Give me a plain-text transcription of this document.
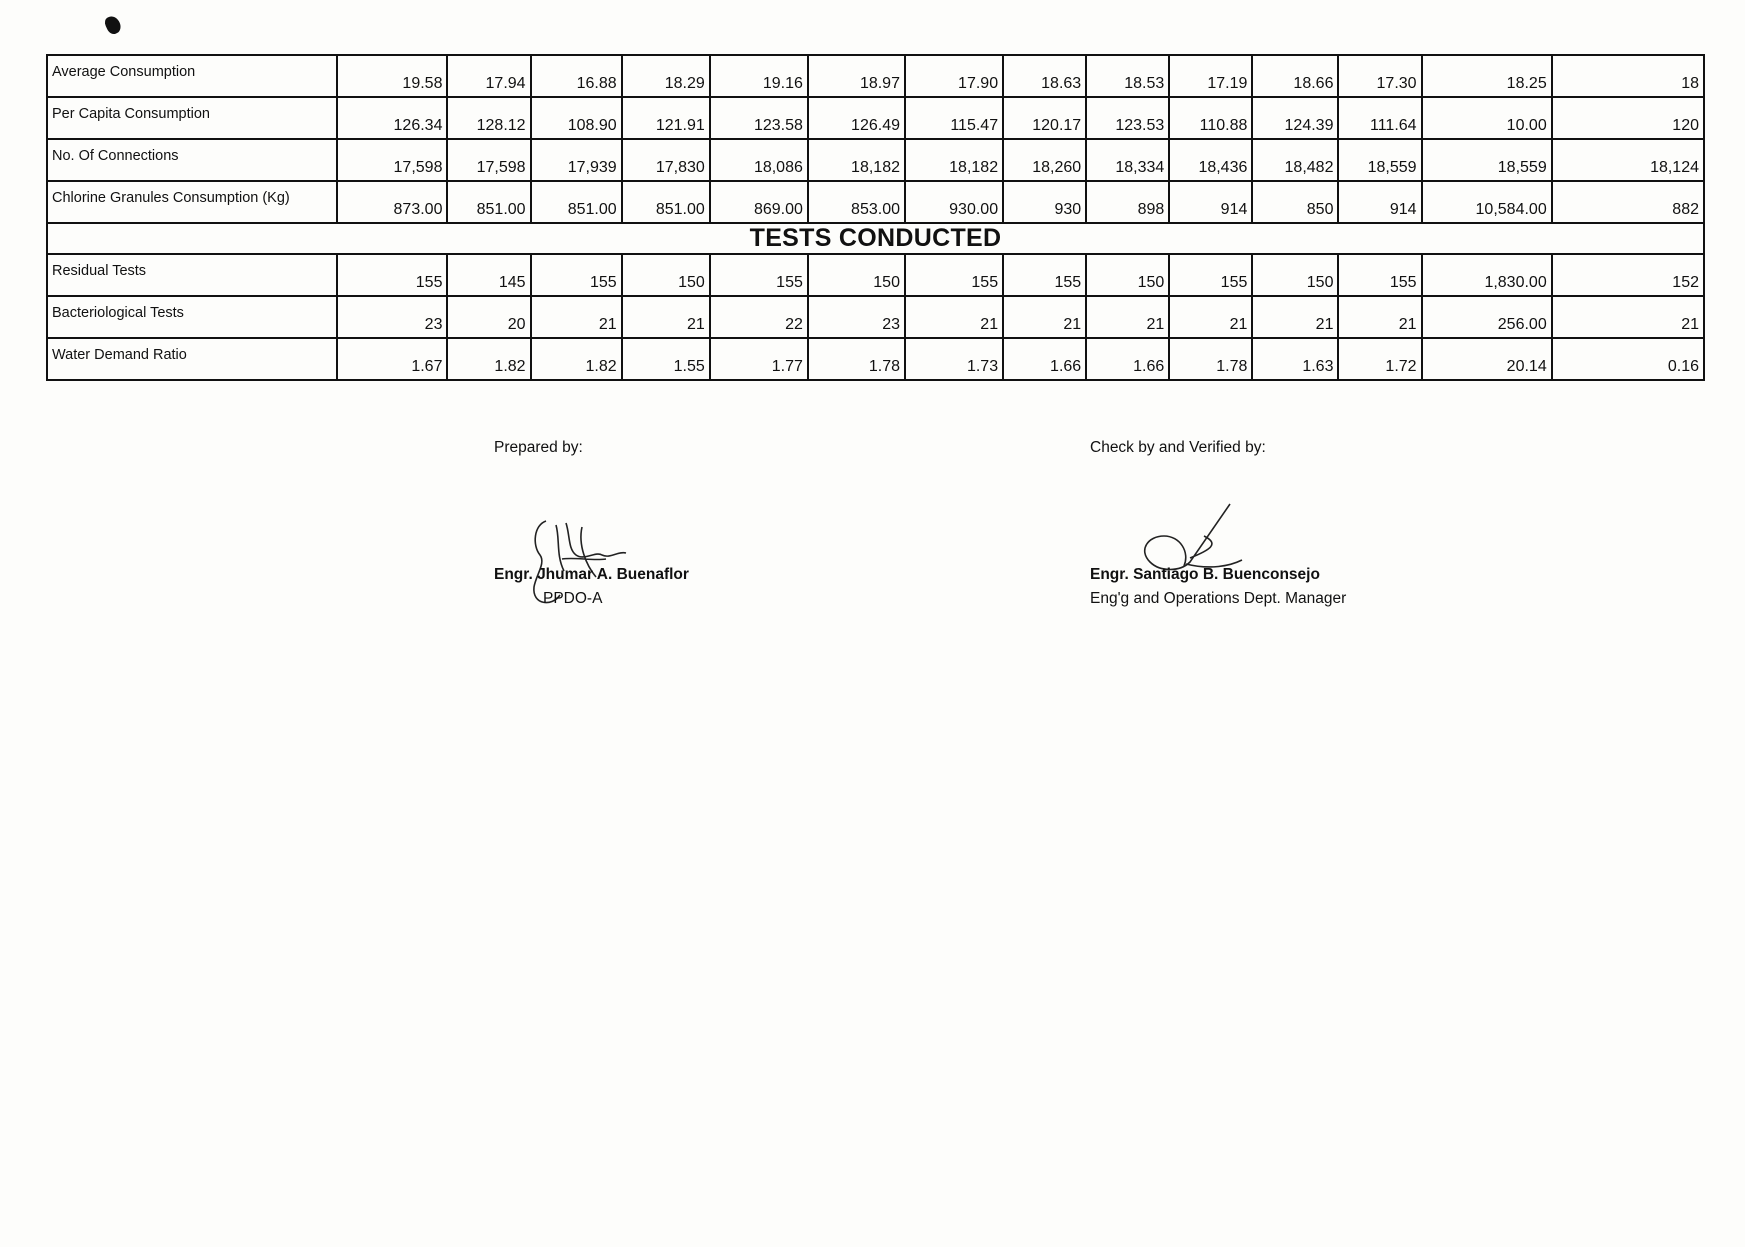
Average Consumption	19.58	17.94	16.88	18.29	19.16	18.97	17.90	18.63	18.53	17.19	18.66	17.30	18.25	18
Per Capita Consumption	126.34	128.12	108.90	121.91	123.58	126.49	115.47	120.17	123.53	110.88	124.39	111.64	10.00	120
No. Of Connections	17,598	17,598	17,939	17,830	18,086	18,182	18,182	18,260	18,334	18,436	18,482	18,559	18,559	18,124
Chlorine Granules Consumption (Kg)	873.00	851.00	851.00	851.00	869.00	853.00	930.00	930	898	914	850	914	10,584.00	882
TESTS CONDUCTED														
Residual Tests	155	145	155	150	155	150	155	155	150	155	150	155	1,830.00	152
Bacteriological Tests	23	20	21	21	22	23	21	21	21	21	21	21	256.00	21
Water Demand Ratio	1.67	1.82	1.82	1.55	1.77	1.78	1.73	1.66	1.66	1.78	1.63	1.72	20.14	0.16
Prepared by:
Engr. Jhumar A. Buenaflor
PPDO-A
Check by and Verified by:
Engr. Santiago B. Buenconsejo
Eng'g and Operations Dept. Manager
